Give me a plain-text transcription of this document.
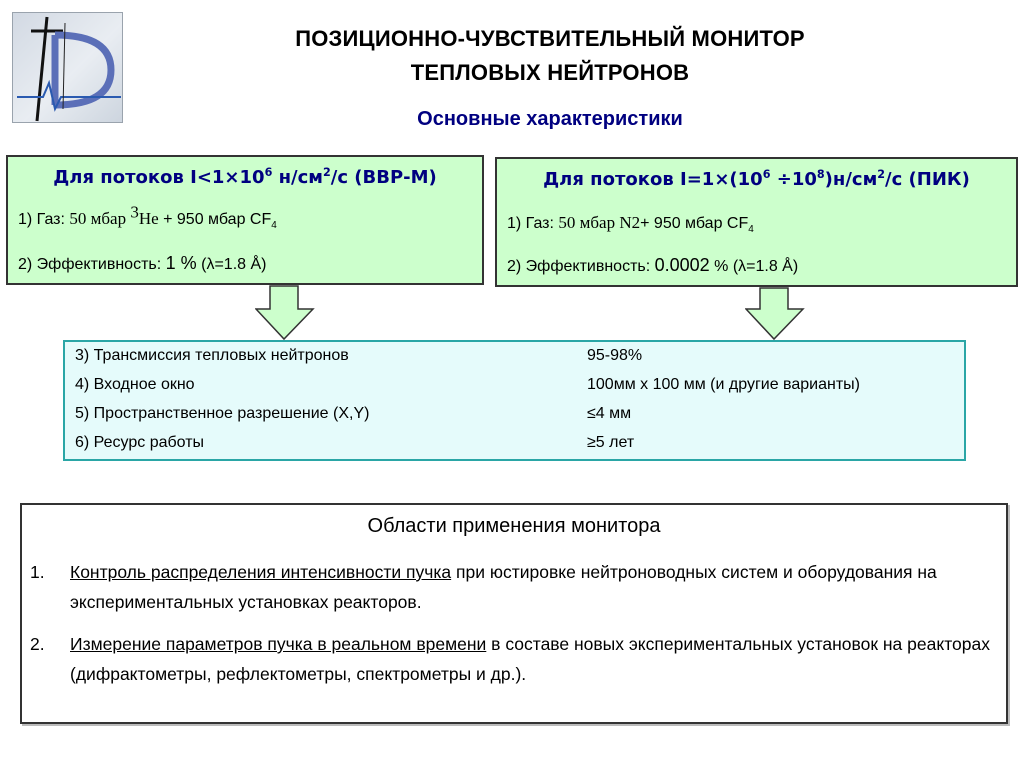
ПОЗИЦИОННО-ЧУВСТВИТЕЛЬНЫЙ МОНИТОР
ТЕПЛОВЫХ НЕЙТРОНОВ
Основные характеристики
Для потоков $I<1\times 10^6$ $н/см^2/с$ (ВВР-М)
1) Газ: 50 мбар $^3$He + 950 мбар $CF_4$
2) Эффективность: 1 % (λ=1.8 Å)
Для потоков $I=1\times(10^6 \div 10^8)н/см^2/с$ (ПИК)
1) Газ: 50 мбар N2+ 950 мбар $CF_4$
2) Эффективность: 0.0002 % (λ=1.8 Å)
3) Трансмиссия тепловых нейтронов	95-98%
4) Входное окно	100мм х 100 мм (и другие варианты)
5) Пространственное разрешение (X,Y)	≤4 мм
6) Ресурс работы	≥5 лет
Области применения монитора
1. Контроль распределения интенсивности пучка при юстировке нейтроноводных систем и оборудования на экспериментальных установках реакторов.
2. Измерение параметров пучка в реальном времени в составе новых экспериментальных установок на реакторах (дифрактометры, рефлектометры, спектрометры и др.).
